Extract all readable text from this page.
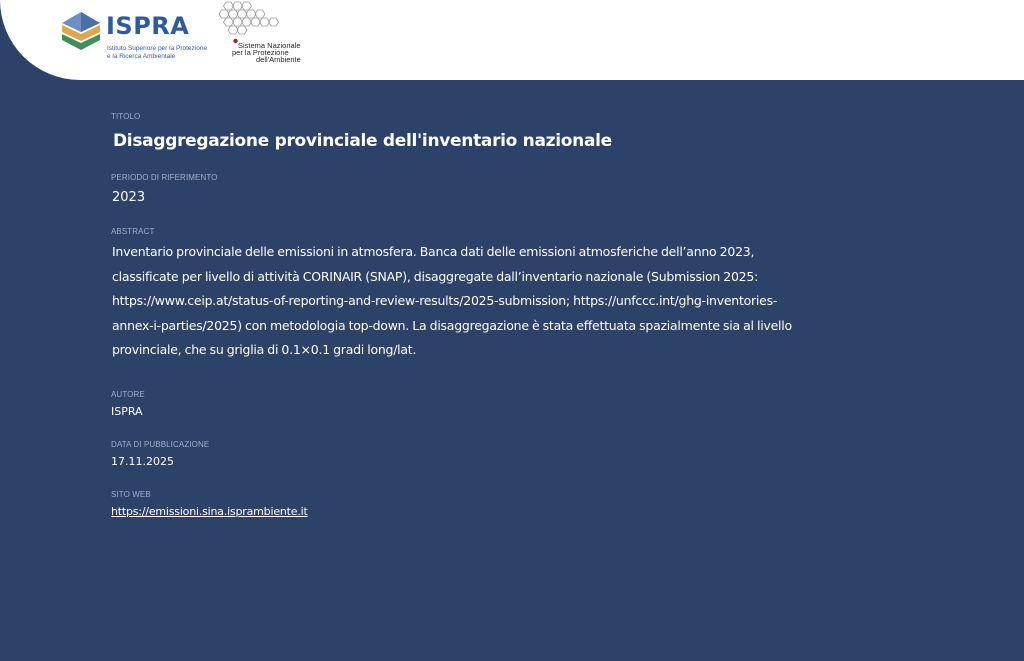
ISPRA
Istituto Superiore per la Protezione
e la Ricerca Ambientale
Sistema Nazionale
per la Protezione
dell'Ambiente

TITOLO

Disaggregazione provinciale dell'inventario nazionale

PERIODO DI RIFERIMENTO

2023

ABSTRACT

Inventario provinciale delle emissioni in atmosfera. Banca dati delle emissioni atmosferiche dell’anno 2023, classificate per livello di attività CORINAIR (SNAP), disaggregate dall’inventario nazionale (Submission 2025: https://www.ceip.at/status-of-reporting-and-review-results/2025-submission; https://unfccc.int/ghg-inventories-annex-i-parties/2025) con metodologia top-down. La disaggregazione è stata effettuata spazialmente sia al livello provinciale, che su griglia di 0.1×0.1 gradi long/lat.

AUTORE

ISPRA

DATA DI PUBBLICAZIONE

17.11.2025

SITO WEB

https://emissioni.sina.isprambiente.it
